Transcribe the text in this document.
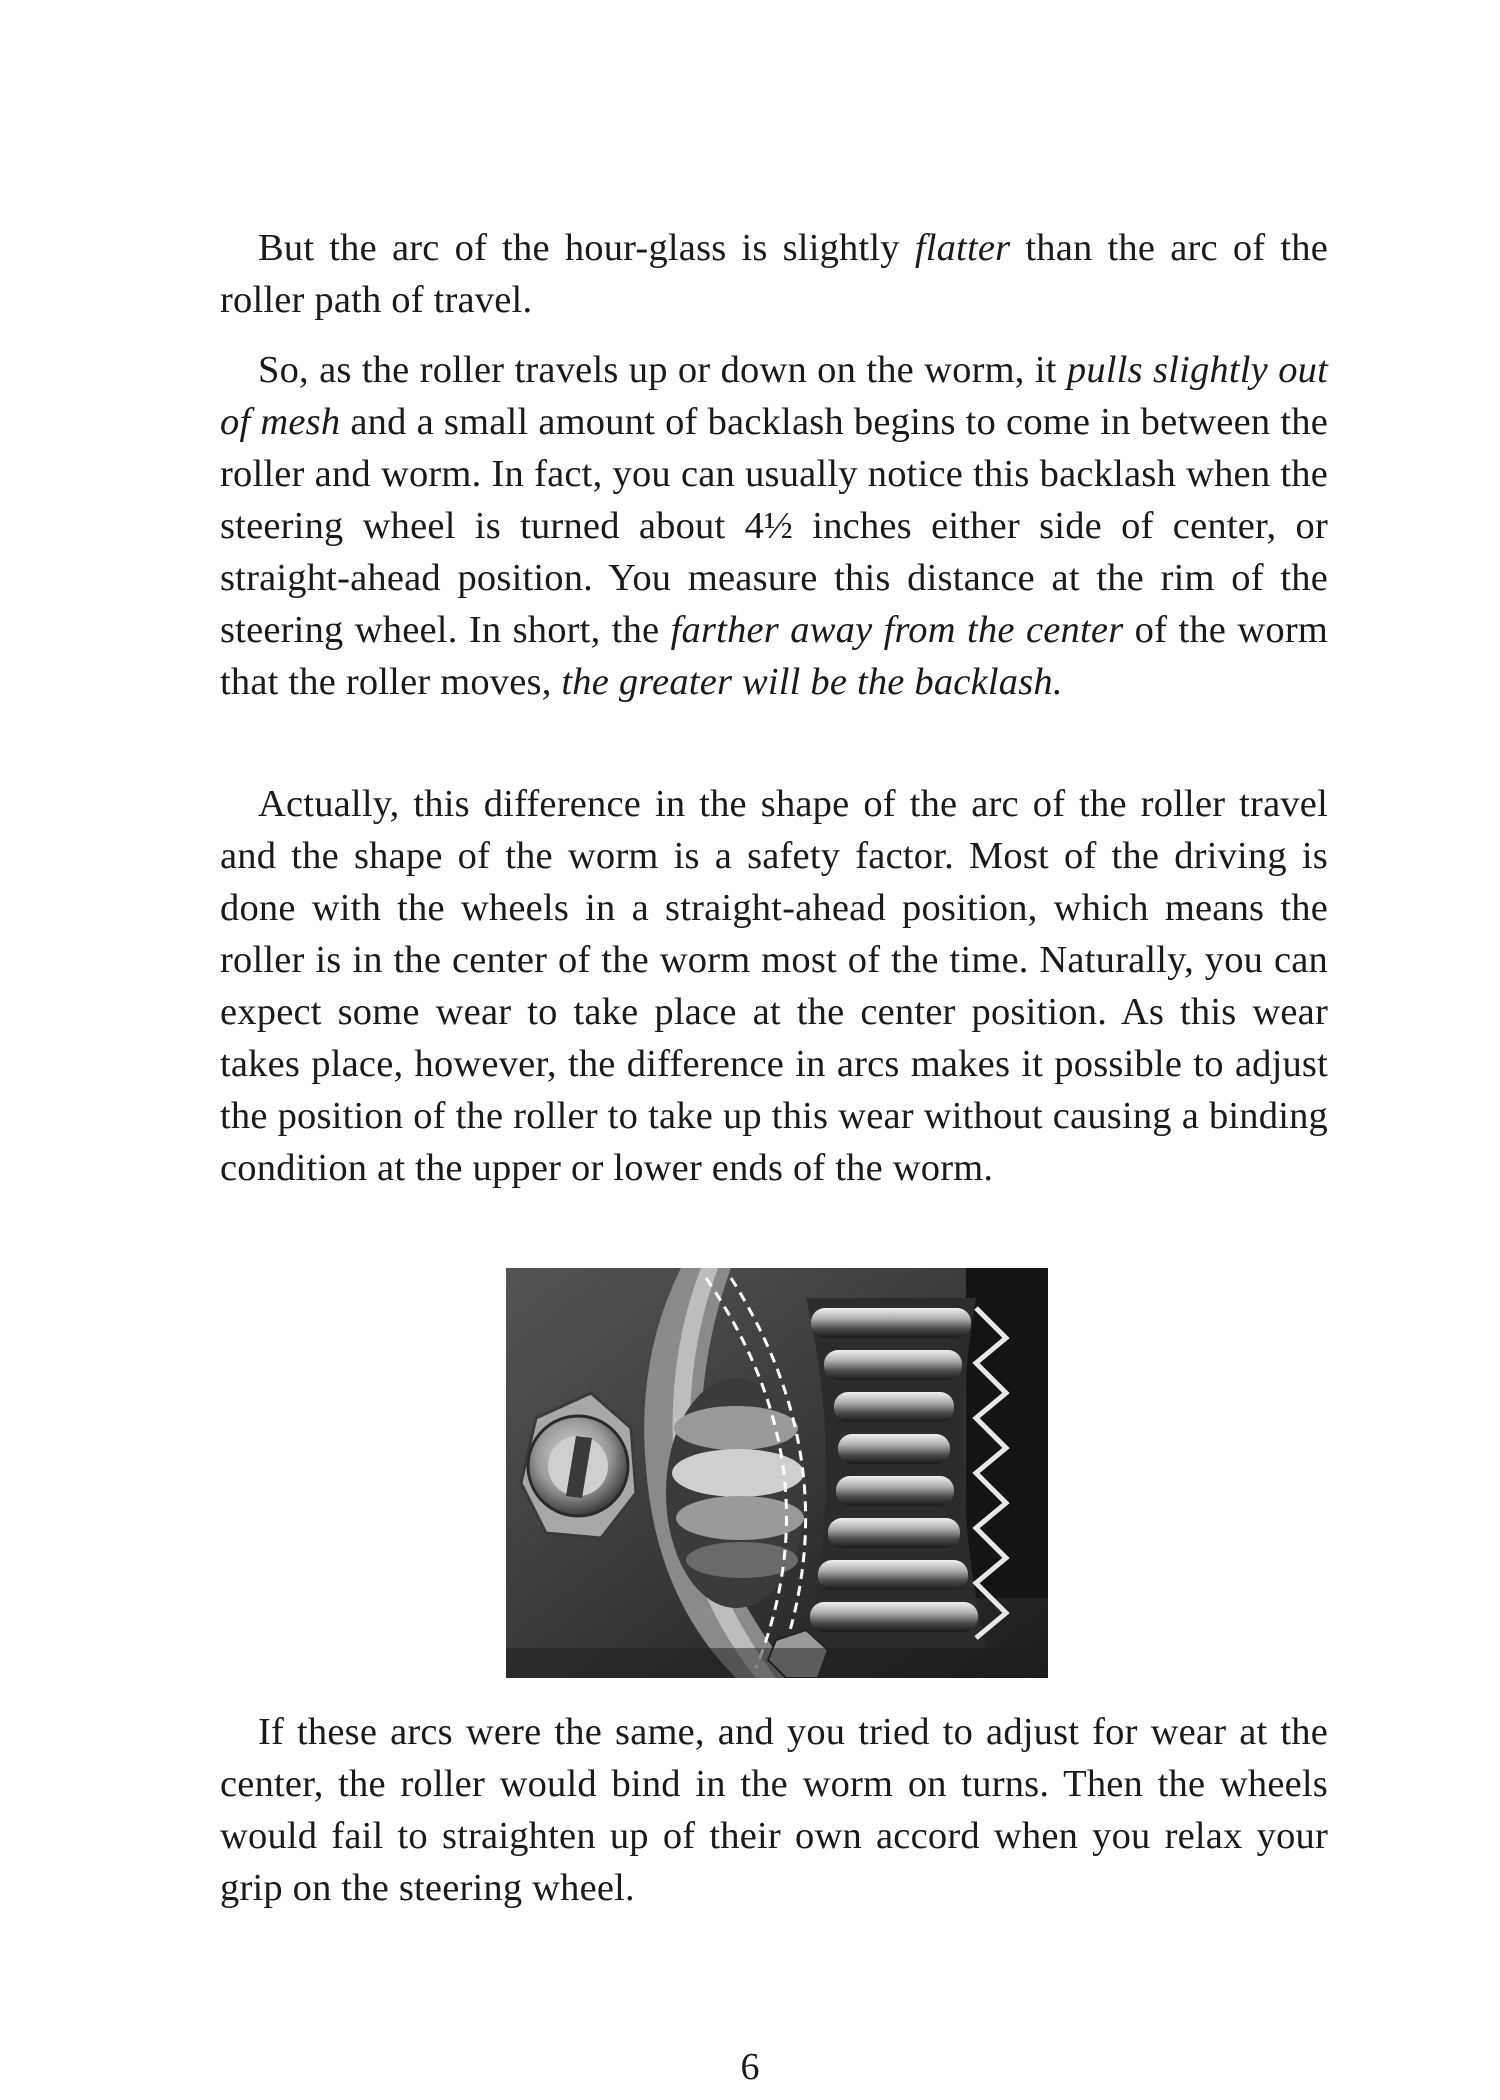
But the arc of the hour-glass is slightly flatter than the arc of the roller path of travel.

So, as the roller travels up or down on the worm, it pulls slightly out of mesh and a small amount of backlash begins to come in between the roller and worm. In fact, you can usually notice this backlash when the steering wheel is turned about 4½ inches either side of center, or straight-ahead position. You measure this distance at the rim of the steering wheel. In short, the farther away from the center of the worm that the roller moves, the greater will be the backlash.

Actually, this difference in the shape of the arc of the roller travel and the shape of the worm is a safety factor. Most of the driving is done with the wheels in a straight-ahead position, which means the roller is in the center of the worm most of the time. Naturally, you can expect some wear to take place at the center position. As this wear takes place, however, the difference in arcs makes it possible to adjust the position of the roller to take up this wear without causing a binding condition at the upper or lower ends of the worm.

If these arcs were the same, and you tried to adjust for wear at the center, the roller would bind in the worm on turns. Then the wheels would fail to straighten up of their own accord when you relax your grip on the steering wheel.

6
